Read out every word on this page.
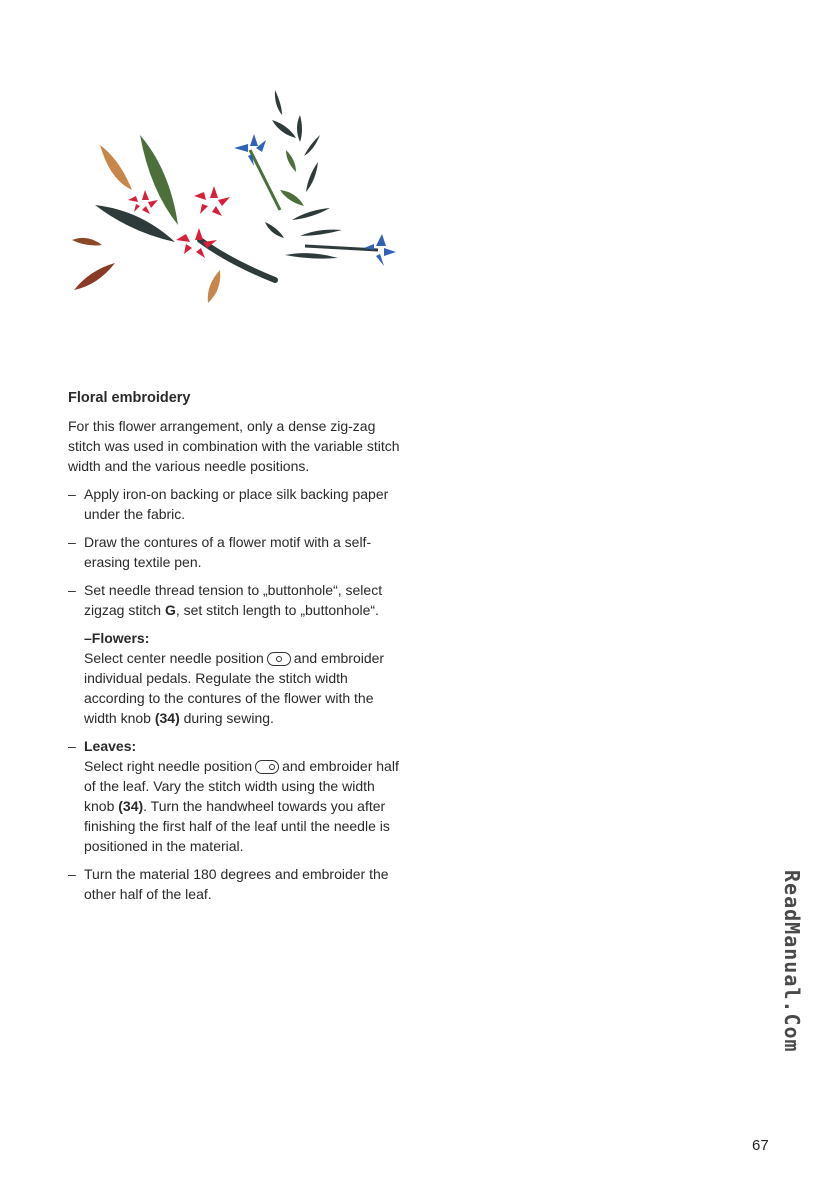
Floral embroidery

For this flower arrangement, only a dense zig-zag stitch was used in combination with the variable stitch width and the various needle positions.

– Apply iron-on backing or place silk backing paper under the fabric.
– Draw the contures of a flower motif with a self-erasing textile pen.
– Set needle thread tension to „buttonhole“, select zigzag stitch G, set stitch length to „buttonhole“.
–Flowers:
Select center needle position and embroider individual pedals. Regulate the stitch width according to the contures of the flower with the width knob (34) during sewing.
– Leaves:
Select right needle position and embroider half of the leaf. Vary the stitch width using the width knob (34). Turn the handwheel towards you after finishing the first half of the leaf until the needle is positioned in the material.
– Turn the material 180 degrees and embroider the other half of the leaf.	ReadManual.Com
67
